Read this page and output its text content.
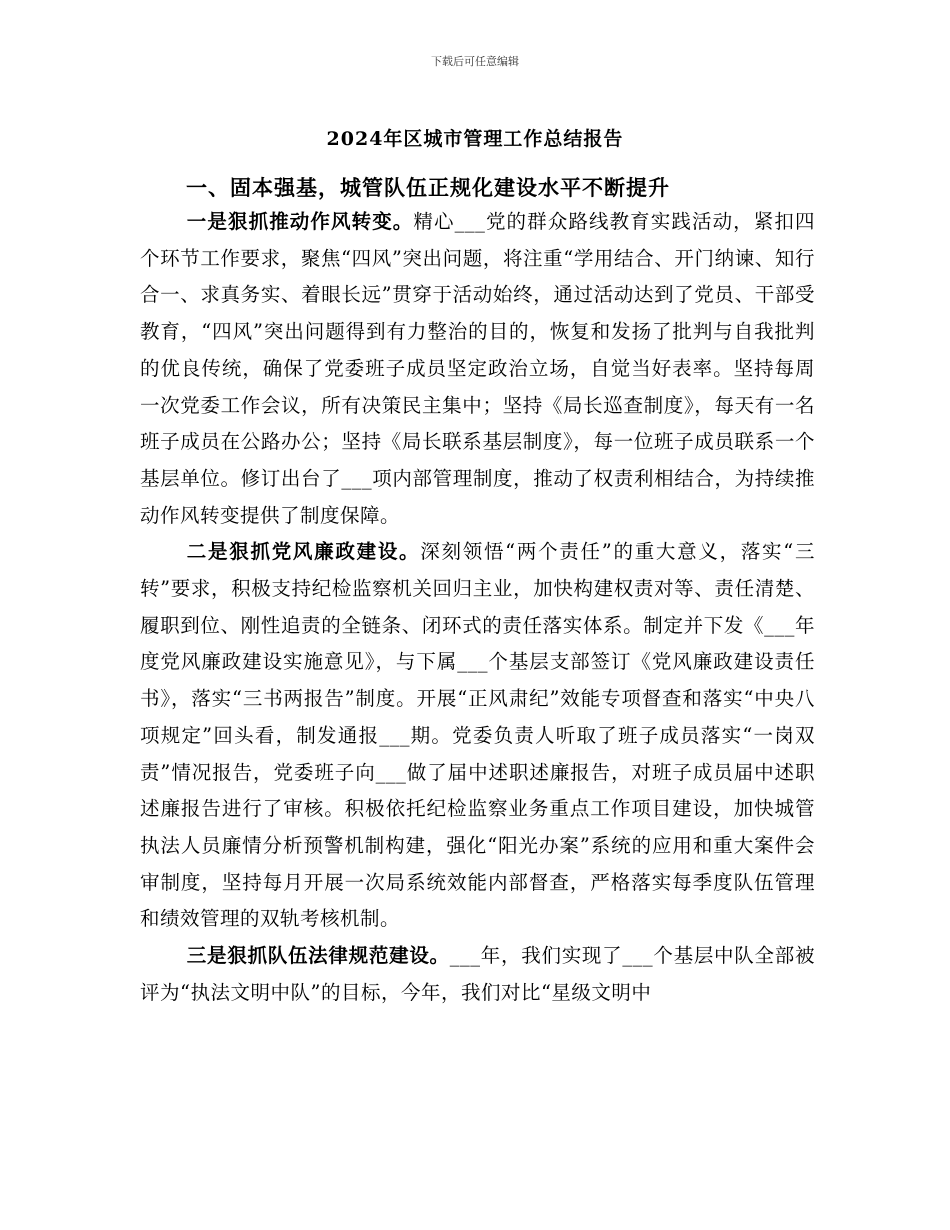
下载后可任意编辑
2024年区城市管理工作总结报告
一、固本强基，城管队伍正规化建设水平不断提升

一是狠抓推动作风转变。精心___党的群众路线教育实践活动，紧扣四个环节工作要求，聚焦“四风”突出问题，将注重“学用结合、开门纳谏、知行合一、求真务实、着眼长远”贯穿于活动始终，通过活动达到了党员、干部受教育，“四风”突出问题得到有力整治的目的，恢复和发扬了批判与自我批判的优良传统，确保了党委班子成员坚定政治立场，自觉当好表率。坚持每周一次党委工作会议，所有决策民主集中；坚持《局长巡查制度》，每天有一名班子成员在公路办公；坚持《局长联系基层制度》，每一位班子成员联系一个基层单位。修订出台了___项内部管理制度，推动了权责利相结合，为持续推动作风转变提供了制度保障。

二是狠抓党风廉政建设。深刻领悟“两个责任”的重大意义，落实“三转”要求，积极支持纪检监察机关回归主业，加快构建权责对等、责任清楚、履职到位、刚性追责的全链条、闭环式的责任落实体系。制定并下发《___年度党风廉政建设实施意见》，与下属___个基层支部签订《党风廉政建设责任书》，落实“三书两报告”制度。开展“正风肃纪”效能专项督查和落实“中央八项规定”回头看，制发通报___期。党委负责人听取了班子成员落实“一岗双责”情况报告，党委班子向___做了届中述职述廉报告，对班子成员届中述职述廉报告进行了审核。积极依托纪检监察业务重点工作项目建设，加快城管执法人员廉情分析预警机制构建，强化“阳光办案”系统的应用和重大案件会审制度，坚持每月开展一次局系统效能内部督查，严格落实每季度队伍管理和绩效管理的双轨考核机制。

三是狠抓队伍法律规范建设。___年，我们实现了___个基层中队全部被评为“执法文明中队”的目标，今年，我们对比“星级文明中
